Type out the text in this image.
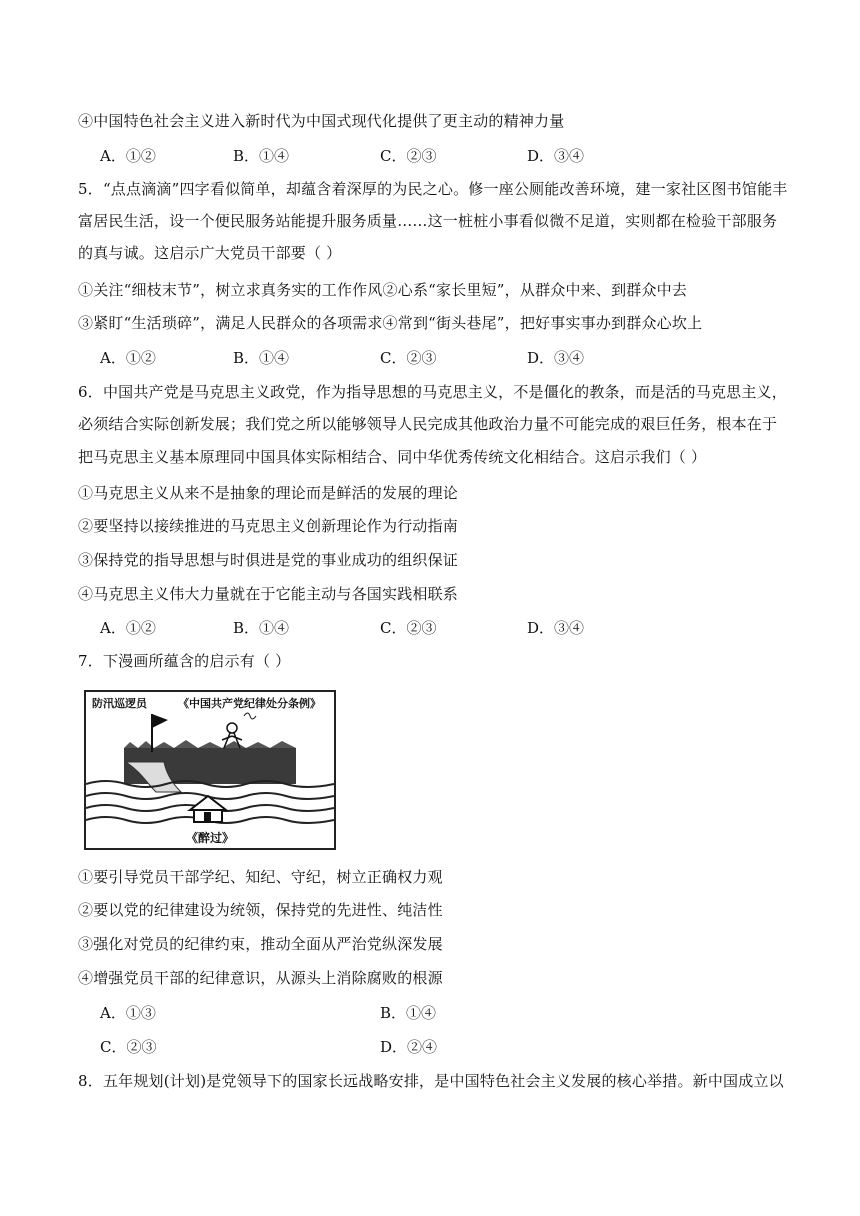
④中国特色社会主义进入新时代为中国式现代化提供了更主动的精神力量
A．①②	B．①④	C．②③	D．③④
5．“点点滴滴”四字看似简单，却蕴含着深厚的为民之心。修一座公厕能改善环境，建一家社区图书馆能丰
富居民生活，设一个便民服务站能提升服务质量……这一桩桩小事看似微不足道，实则都在检验干部服务
的真与诚。这启示广大党员干部要（ ）
①关注“细枝末节”，树立求真务实的工作作风②心系“家长里短”，从群众中来、到群众中去
③紧盯“生活琐碎”，满足人民群众的各项需求④常到“街头巷尾”，把好事实事办到群众心坎上
A．①②	B．①④	C．②③	D．③④
6．中国共产党是马克思主义政党，作为指导思想的马克思主义，不是僵化的教条，而是活的马克思主义，
必须结合实际创新发展；我们党之所以能够领导人民完成其他政治力量不可能完成的艰巨任务，根本在于
把马克思主义基本原理同中国具体实际相结合、同中华优秀传统文化相结合。这启示我们（ ）
①马克思主义从来不是抽象的理论而是鲜活的发展的理论
②要坚持以接续推进的马克思主义创新理论作为行动指南
③保持党的指导思想与时俱进是党的事业成功的组织保证
④马克思主义伟大力量就在于它能主动与各国实践相联系
A．①②	B．①④	C．②③	D．③④
7．下漫画所蕴含的启示有（ ）
防汛巡逻员	《中国共产党纪律处分条例》
《醉过》
①要引导党员干部学纪、知纪、守纪，树立正确权力观
②要以党的纪律建设为统领，保持党的先进性、纯洁性
③强化对党员的纪律约束，推动全面从严治党纵深发展
④增强党员干部的纪律意识，从源头上消除腐败的根源
A．①③	B．①④
C．②③	D．②④
8．五年规划(计划)是党领导下的国家长远战略安排，是中国特色社会主义发展的核心举措。新中国成立以
